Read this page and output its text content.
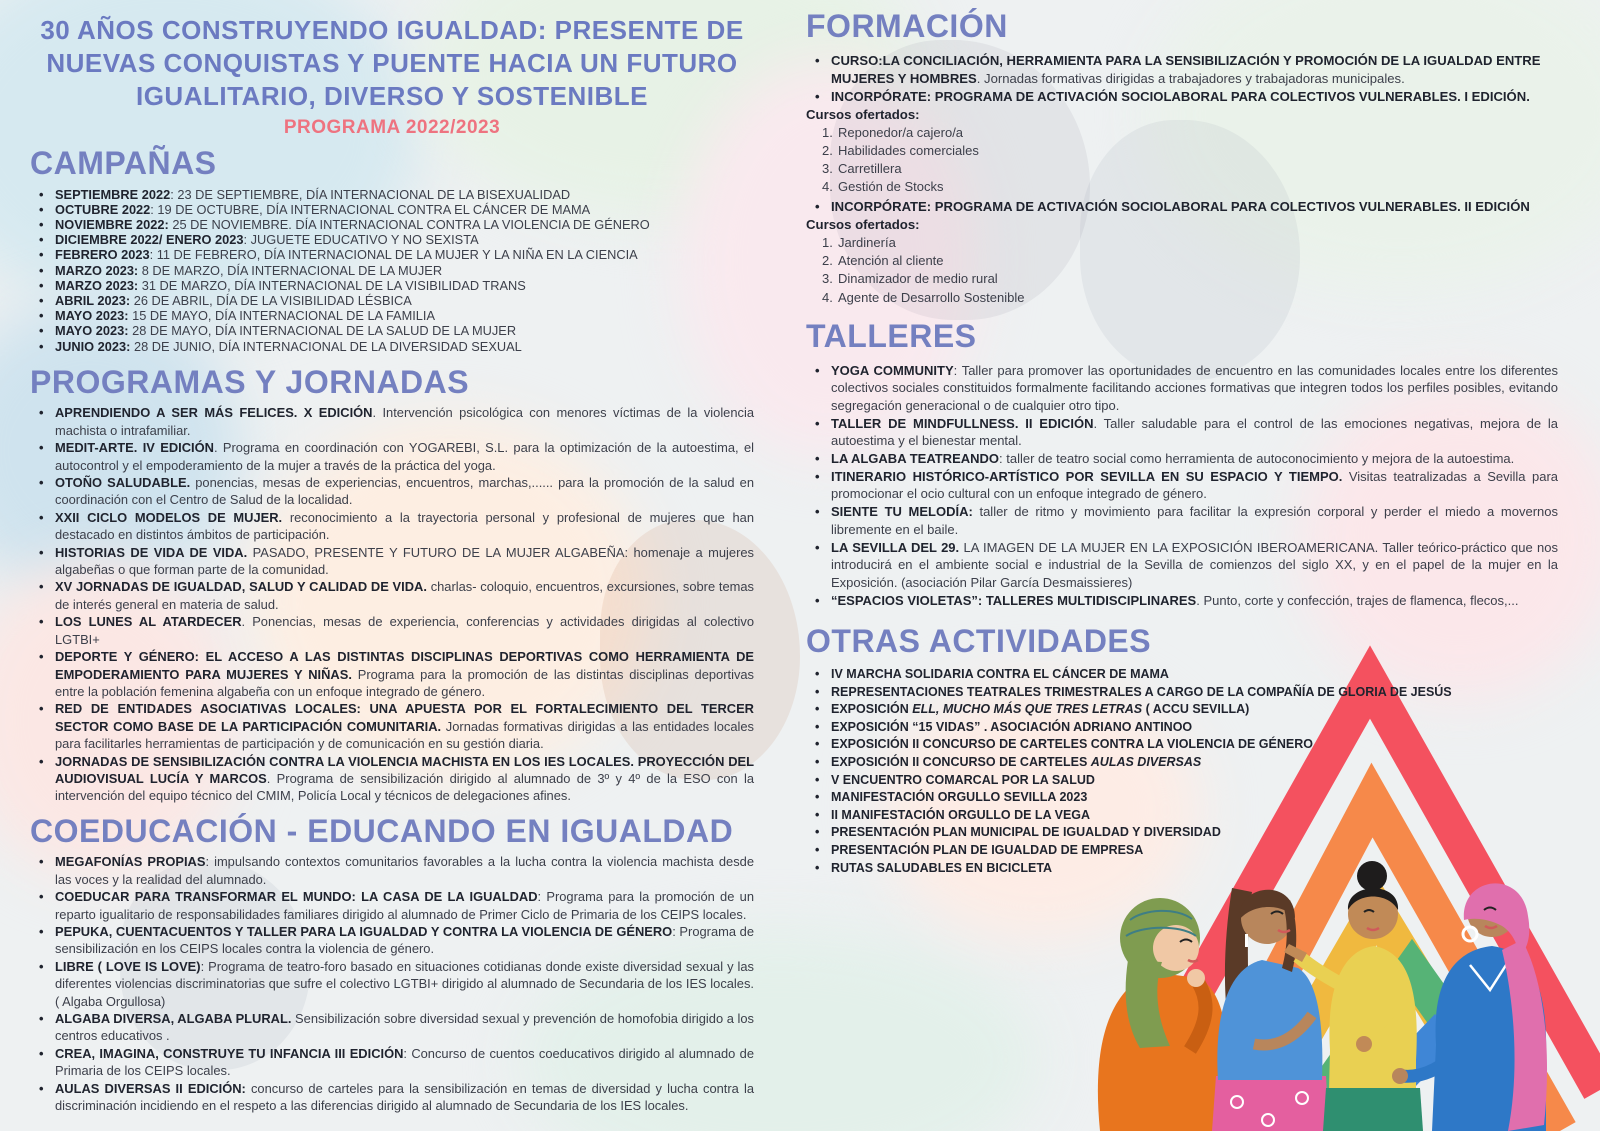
30 AÑOS CONSTRUYENDO IGUALDAD: PRESENTE DE
NUEVAS CONQUISTAS Y PUENTE HACIA UN FUTURO
IGUALITARIO, DIVERSO Y SOSTENIBLE
PROGRAMA 2022/2023
CAMPAÑAS
• SEPTIEMBRE 2022: 23 DE SEPTIEMBRE, DÍA INTERNACIONAL DE LA BISEXUALIDAD
• OCTUBRE 2022: 19 DE OCTUBRE, DÍA INTERNACIONAL CONTRA EL CÁNCER DE MAMA
• NOVIEMBRE 2022: 25 DE NOVIEMBRE. DÍA INTERNACIONAL CONTRA LA VIOLENCIA DE GÉNERO
• DICIEMBRE 2022/ ENERO 2023: JUGUETE EDUCATIVO Y NO SEXISTA
• FEBRERO 2023: 11 DE FEBRERO, DÍA INTERNACIONAL DE LA MUJER Y LA NIÑA EN LA CIENCIA
• MARZO 2023: 8 DE MARZO, DÍA INTERNACIONAL DE LA MUJER
• MARZO 2023: 31 DE MARZO, DÍA INTERNACIONAL DE LA VISIBILIDAD TRANS
• ABRIL 2023: 26 DE ABRIL, DÍA DE LA VISIBILIDAD LÉSBICA
• MAYO 2023: 15 DE MAYO, DÍA INTERNACIONAL DE LA FAMILIA
• MAYO 2023: 28 DE MAYO, DÍA INTERNACIONAL DE LA SALUD DE LA MUJER
• JUNIO 2023: 28 DE JUNIO, DÍA INTERNACIONAL DE LA DIVERSIDAD SEXUAL
PROGRAMAS Y JORNADAS
• APRENDIENDO A SER MÁS FELICES. X EDICIÓN. Intervención psicológica con menores víctimas de la violencia machista o intrafamiliar.
• MEDIT-ARTE. IV EDICIÓN. Programa en coordinación con YOGAREBI, S.L. para la optimización de la autoestima, el autocontrol y el empoderamiento de la mujer a través de la práctica del yoga.
• OTOÑO SALUDABLE. ponencias, mesas de experiencias, encuentros, marchas,...... para la promoción de la salud en coordinación con el Centro de Salud de la localidad.
• XXII CICLO MODELOS DE MUJER. reconocimiento a la trayectoria personal y profesional de mujeres que han destacado en distintos ámbitos de participación.
• HISTORIAS DE VIDA DE VIDA. PASADO, PRESENTE Y FUTURO DE LA MUJER ALGABEÑA: homenaje a mujeres algabeñas o que forman parte de la comunidad.
• XV JORNADAS DE IGUALDAD, SALUD Y CALIDAD DE VIDA. charlas- coloquio, encuentros, excursiones, sobre temas de interés general en materia de salud.
• LOS LUNES AL ATARDECER. Ponencias, mesas de experiencia, conferencias y actividades dirigidas al colectivo LGTBI+
• DEPORTE Y GÉNERO: EL ACCESO A LAS DISTINTAS DISCIPLINAS DEPORTIVAS COMO HERRAMIENTA DE EMPODERAMIENTO PARA MUJERES Y NIÑAS. Programa para la promoción de las distintas disciplinas deportivas entre la población femenina algabeña con un enfoque integrado de género.
• RED DE ENTIDADES ASOCIATIVAS LOCALES: UNA APUESTA POR EL FORTALECIMIENTO DEL TERCER SECTOR COMO BASE DE LA PARTICIPACIÓN COMUNITARIA. Jornadas formativas dirigidas a las entidades locales para facilitarles herramientas de participación y de comunicación en su gestión diaria.
• JORNADAS DE SENSIBILIZACIÓN CONTRA LA VIOLENCIA MACHISTA EN LOS IES LOCALES. PROYECCIÓN DEL AUDIOVISUAL LUCÍA Y MARCOS. Programa de sensibilización dirigido al alumnado de 3º y 4º de la ESO con la intervención del equipo técnico del CMIM, Policía Local y técnicos de delegaciones afines.
COEDUCACIÓN - EDUCANDO EN IGUALDAD
• MEGAFONÍAS PROPIAS: impulsando contextos comunitarios favorables a la lucha contra la violencia machista desde las voces y la realidad del alumnado.
• COEDUCAR PARA TRANSFORMAR EL MUNDO: LA CASA DE LA IGUALDAD: Programa para la promoción de un reparto igualitario de responsabilidades familiares dirigido al alumnado de Primer Ciclo de Primaria de los CEIPS locales.
• PEPUKA, CUENTACUENTOS Y TALLER PARA LA IGUALDAD Y CONTRA LA VIOLENCIA DE GÉNERO: Programa de sensibilización en los CEIPS locales contra la violencia de género.
• LIBRE ( LOVE IS LOVE): Programa de teatro-foro basado en situaciones cotidianas donde existe diversidad sexual y las diferentes violencias discriminatorias que sufre el colectivo LGTBI+ dirigido al alumnado de Secundaria de los IES locales. ( Algaba Orgullosa)
• ALGABA DIVERSA, ALGABA PLURAL. Sensibilización sobre diversidad sexual y prevención de homofobia dirigido a los centros educativos .
• CREA, IMAGINA, CONSTRUYE TU INFANCIA III EDICIÓN: Concurso de cuentos coeducativos dirigido al alumnado de Primaria de los CEIPS locales.
• AULAS DIVERSAS II EDICIÓN: concurso de carteles para la sensibilización en temas de diversidad y lucha contra la discriminación incidiendo en el respeto a las diferencias dirigido al alumnado de Secundaria de los IES locales.
FORMACIÓN
• CURSO:LA CONCILIACIÓN, HERRAMIENTA PARA LA SENSIBILIZACIÓN Y PROMOCIÓN DE LA IGUALDAD ENTRE MUJERES Y HOMBRES. Jornadas formativas dirigidas a trabajadores y trabajadoras municipales.
• INCORPÓRATE: PROGRAMA DE ACTIVACIÓN SOCIOLABORAL PARA COLECTIVOS VULNERABLES. I EDICIÓN.
Cursos ofertados:
Reponedor/a cajero/a
Habilidades comerciales
Carretillera
Gestión de Stocks
• INCORPÓRATE: PROGRAMA DE ACTIVACIÓN SOCIOLABORAL PARA COLECTIVOS VULNERABLES. II EDICIÓN
Cursos ofertados:
Jardinería
Atención al cliente
Dinamizador de medio rural
Agente de Desarrollo Sostenible
TALLERES
• YOGA COMMUNITY: Taller para promover las oportunidades de encuentro en las comunidades locales entre los diferentes colectivos sociales constituidos formalmente facilitando acciones formativas que integren todos los perfiles posibles, evitando segregación generacional o de cualquier otro tipo.
• TALLER DE MINDFULLNESS. II EDICIÓN. Taller saludable para el control de las emociones negativas, mejora de la autoestima y el bienestar mental.
• LA ALGABA TEATREANDO: taller de teatro social como herramienta de autoconocimiento y mejora de la autoestima.
• ITINERARIO HISTÓRICO-ARTÍSTICO POR SEVILLA EN SU ESPACIO Y TIEMPO. Visitas teatralizadas a Sevilla para promocionar el ocio cultural con un enfoque integrado de género.
• SIENTE TU MELODÍA: taller de ritmo y movimiento para facilitar la expresión corporal y perder el miedo a movernos libremente en el baile.
• LA SEVILLA DEL 29. LA IMAGEN DE LA MUJER EN LA EXPOSICIÓN IBEROAMERICANA. Taller teórico-práctico que nos introducirá en el ambiente social e industrial de la Sevilla de comienzos del siglo XX, y en el papel de la mujer en la Exposición. (asociación Pilar García Desmaissieres)
• “ESPACIOS VIOLETAS”: TALLERES MULTIDISCIPLINARES. Punto, corte y confección, trajes de flamenca, flecos,...
OTRAS ACTIVIDADES
• IV MARCHA SOLIDARIA CONTRA EL CÁNCER DE MAMA
• REPRESENTACIONES TEATRALES TRIMESTRALES A CARGO DE LA COMPAÑÍA DE GLORIA DE JESÚS
• EXPOSICIÓN ELL, MUCHO MÁS QUE TRES LETRAS ( ACCU SEVILLA)
• EXPOSICIÓN “15 VIDAS” . ASOCIACIÓN ADRIANO ANTINOO
• EXPOSICIÓN II CONCURSO DE CARTELES CONTRA LA VIOLENCIA DE GÉNERO
• EXPOSICIÓN II CONCURSO DE CARTELES AULAS DIVERSAS
• V ENCUENTRO COMARCAL POR LA SALUD
• MANIFESTACIÓN ORGULLO SEVILLA 2023
• II MANIFESTACIÓN ORGULLO DE LA VEGA
• PRESENTACIÓN PLAN MUNICIPAL DE IGUALDAD Y DIVERSIDAD
• PRESENTACIÓN PLAN DE IGUALDAD DE EMPRESA
• RUTAS SALUDABLES EN BICICLETA
